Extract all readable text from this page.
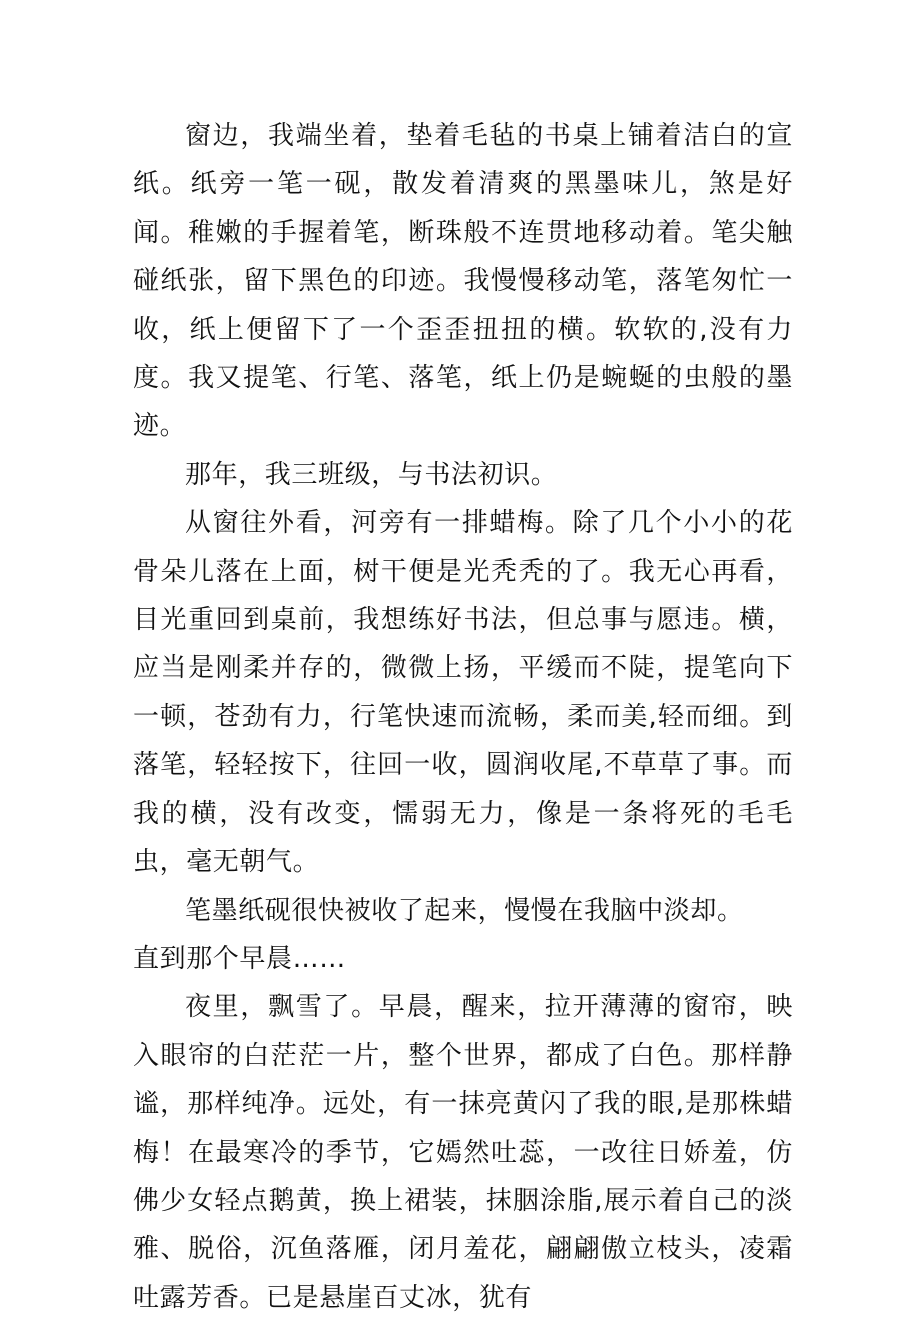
窗边，我端坐着，垫着毛毡的书桌上铺着洁白的宣纸。纸旁一笔一砚，散发着清爽的黑墨味儿，煞是好闻。稚嫩的手握着笔，断珠般不连贯地移动着。笔尖触碰纸张，留下黑色的印迹。我慢慢移动笔，落笔匆忙一收，纸上便留下了一个歪歪扭扭的横。软软的,没有力度。我又提笔、行笔、落笔，纸上仍是蜿蜒的虫般的墨迹。

那年，我三班级，与书法初识。

从窗往外看，河旁有一排蜡梅。除了几个小小的花骨朵儿落在上面，树干便是光秃秃的了。我无心再看，目光重回到桌前，我想练好书法，但总事与愿违。横，应当是刚柔并存的，微微上扬，平缓而不陡，提笔向下一顿，苍劲有力，行笔快速而流畅，柔而美,轻而细。到落笔，轻轻按下，往回一收，圆润收尾,不草草了事。而我的横，没有改变，懦弱无力，像是一条将死的毛毛虫，毫无朝气。

笔墨纸砚很快被收了起来，慢慢在我脑中淡却。

直到那个早晨……

夜里，飘雪了。早晨，醒来，拉开薄薄的窗帘，映入眼帘的白茫茫一片，整个世界，都成了白色。那样静谧，那样纯净。远处，有一抹亮黄闪了我的眼,是那株蜡梅！在最寒冷的季节，它嫣然吐蕊，一改往日娇羞，仿佛少女轻点鹅黄，换上裙装，抹胭涂脂,展示着自己的淡雅、脱俗，沉鱼落雁，闭月羞花，翩翩傲立枝头，凌霜吐露芳香。已是悬崖百丈冰，犹有
